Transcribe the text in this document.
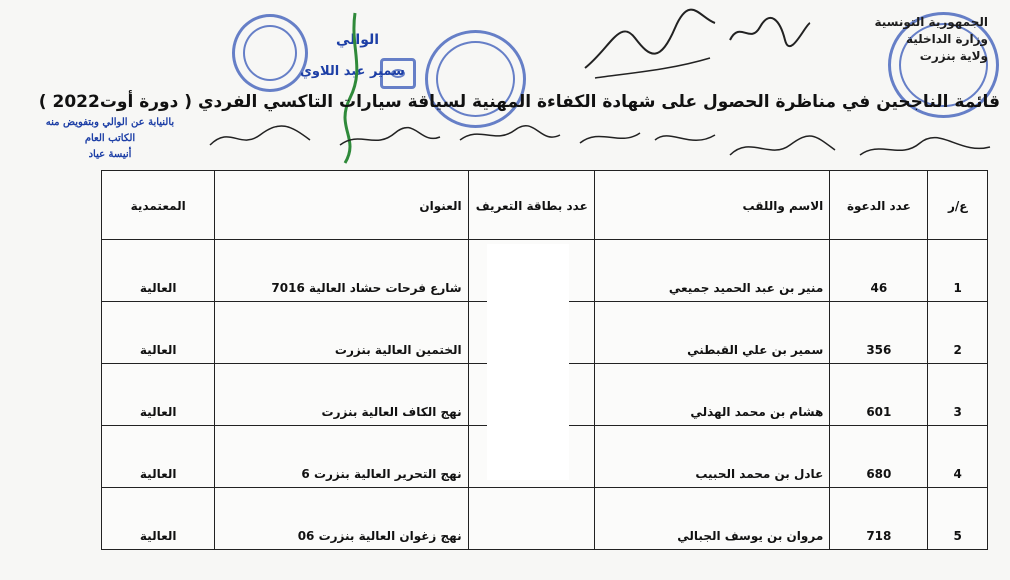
الجمهورية التونسية
وزارة الداخلية
ولاية بنزرت
الوالي
سمير عبد اللاوي
قائمة الناجحين في مناظرة الحصول على شهادة الكفاءة المهنية لسياقة سيارات التاكسي الفردي ( دورة أوت2022 )
بالنيابة عن الوالي وبتفويض منه
الكاتب العام
أنيسة عياد
ع/ر	عدد الدعوة	الاسم واللقب	عدد بطاقة التعريف	العنوان	المعتمدية
1	46	منير بن عبد الحميد جميعي		شارع فرحات حشاد العالية 7016	العالية
2	356	سمير بن علي القبطني		الختمين العالية بنزرت	العالية
3	601	هشام بن محمد الهذلي		نهج الكاف العالية بنزرت	العالية
4	680	عادل بن محمد الحبيب		نهج التحرير العالية بنزرت 6	العالية
5	718	مروان بن يوسف الجبالي		نهج زغوان العالية بنزرت 06	العالية
